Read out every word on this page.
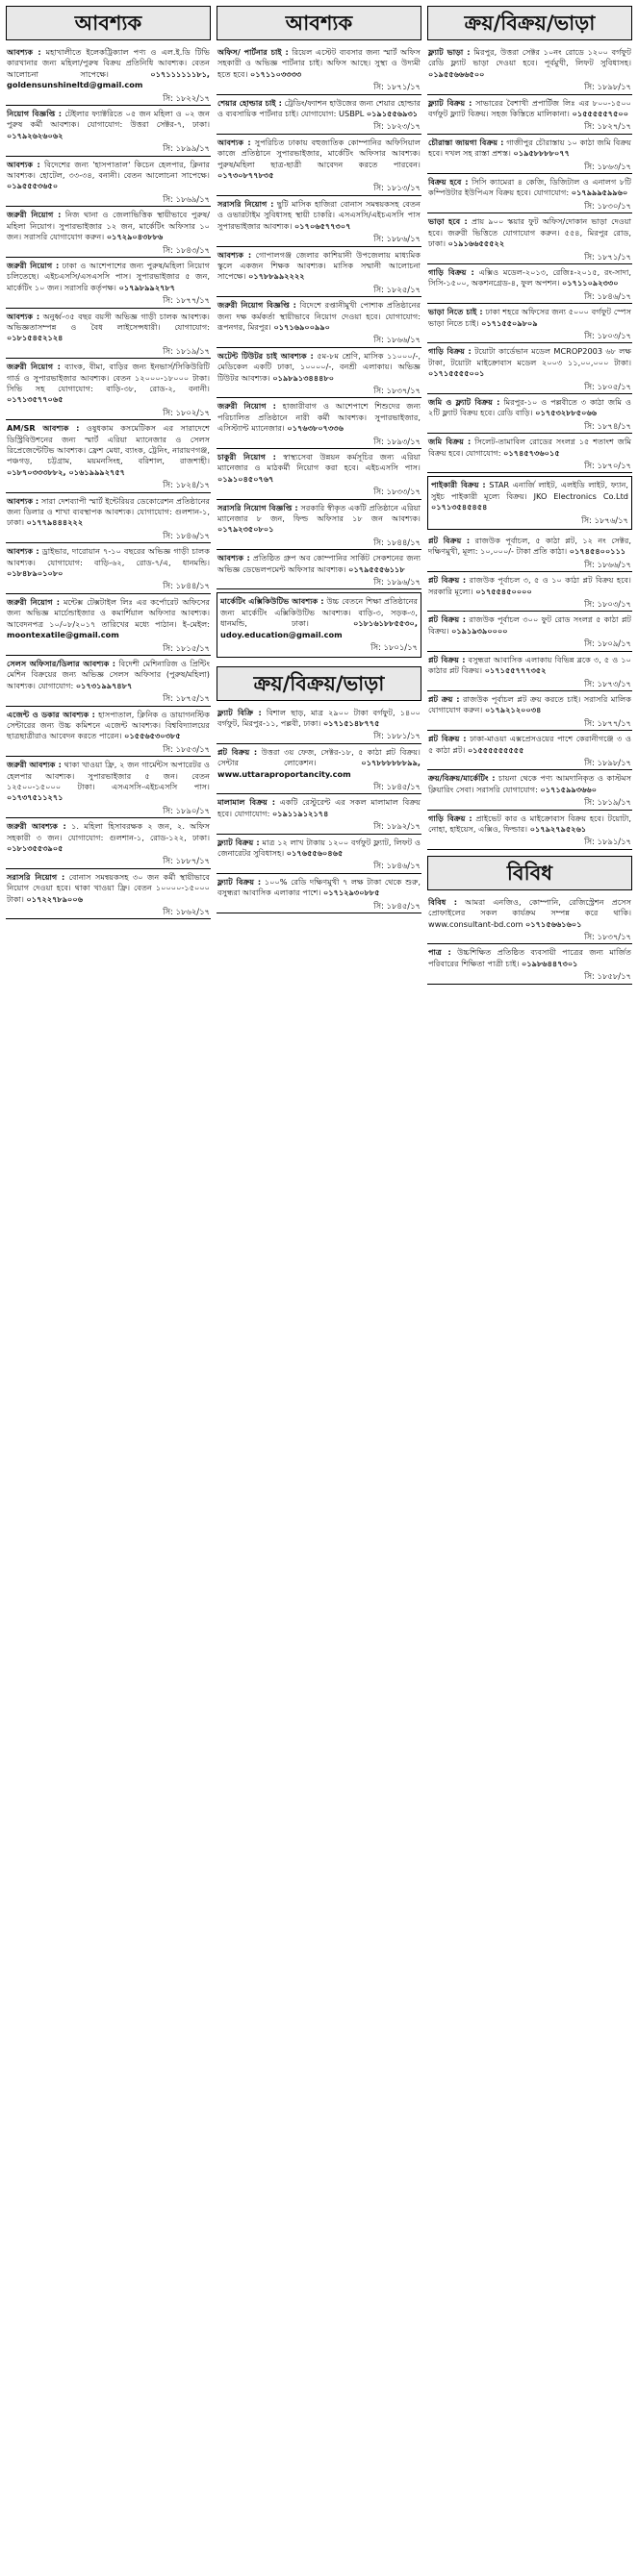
আবশ্যক
আবশ্যক : মহাখালীতে ইলেকট্রিক্যাল পণ্য ও এল.ই.ডি টিভি কারখানার জন্য মহিলা/পুরুষ বিক্রয় প্রতিনিধি আবশ্যক। বেতন আলোচনা সাপেক্ষে।	০১৭১১১১১১৮১, goldensunshineltd@gmail.com
সি: ১৮২২/১৭
নিয়োগ বিজ্ঞপ্তি : টেইলার ফ্যাক্টরিতে ০৫ জন মহিলা ও ০২ জন পুরুষ কর্মী আবশ্যক। যোগাযোগ: উত্তরা সেক্টর-৭, ঢাকা। ০১৭৯২৬২৬০৬২
সি: ১৮৯৯/১৭
আবশ্যক : বিদেশের জন্য 'হাসপাতাল' কিচেন হেলপার, ক্লিনার আবশ্যক। হোটেল, ৩৩-৩৪, বনানী। বেতন আলোচনা সাপেক্ষে। ০১৯৫৫৫৩৬৫০
সি: ১৮৬৯/১৭
জরুরী নিয়োগ : নিজ থানা ও জেলাভিত্তিক স্থায়ীভাবে পুরুষ/মহিলা নিয়োগ। সুপারভাইজার ১২ জন, মার্কেটিং অফিসার ১০ জন। সরাসরি যোগাযোগ করুন। ০১৭২৯০৪৩৮৮৬
সি: ১৮৪৩/১৭
জরুরী নিয়োগ : ঢাকা ও আশেপাশের জন্য পুরুষ/মহিলা নিয়োগ চলিতেছে। এইচএসসি/এসএসসি পাস। সুপারভাইজার ৫ জন, মার্কেটিং ১০ জন। সরাসরি কর্তৃপক্ষ। ০১৭৯৮৯৯২৭৮৭
সি: ১৮৭৭/১৭
আবশ্যক : অনুর্ধ্ব-৩৫ বছর বয়সী অভিজ্ঞ গাড়ী চালক আবশ্যক। অভিজ্ঞতাসম্পন্ন ও বৈধ লাইসেন্সধারী। যোগাযোগ: ০১৮১৫৪৫২১২৪
সি: ১৮১৯/১৭
জরুরী নিয়োগ : ব্যাংক, বীমা, বাড়ির জন্য ইনভার্স/সিকিউরিটি গার্ড ও সুপারভাইজার আবশ্যক। বেতন ১২০০০-১৮০০০ টাকা। সিভি সহ যোগাযোগ: বাড়ি-৩৮, রোড-২, বনানী। ০১৭১৩৫৭৭০৬৫
সি: ১৮০২/১৭
AM/SR আবশ্যক : ওষুধকাম কসমেটিকস এর সারাদেশে ডিস্ট্রিবিউশনের জন্য স্মার্ট এরিয়া ম্যানেজার ও সেলস রিপ্রেজেন্টেটিভ আবশ্যক। ফ্রেশ মেধা, ব্যাংক, ট্রেনিং, নারায়ণগঞ্জ, পঞ্চগড়, চট্টগ্রাম, ময়মনসিংহ, বরিশাল, রাজশাহী। ০১৮৭০৩৩৩৮৮২, ০১৬১৯৯৯২৭৫৭
সি: ১৮২৪/১৭
আবশ্যক : সারা দেশব্যাপী স্মার্ট ইন্টেরিয়র ডেকোরেশন প্রতিষ্ঠানের জন্য ডিলার ও শাখা ব্যবস্থাপক আবশ্যক। যোগাযোগ: গুলশান-১, ঢাকা। ০১৭৭৯৪৪৪২২২
সি: ১৮৪৬/১৭
আবশ্যক : ড্রাইভার, দারোয়ান ৭-১০ বছরের অভিজ্ঞ গাড়ী চালক আবশ্যক। যোগাযোগ: বাড়ি-৬২, রোড-৭/এ, ধানমন্ডি। ০১৮৪৮৯০১০৮০
সি: ১৮৪৪/১৭
জরুরী নিয়োগ : মন্টেক্স টেক্সটাইল লিঃ এর কর্পোরেট অফিসের জন্য অভিজ্ঞ মার্চেন্ডাইজার ও কমার্শিয়াল অফিসার আবশ্যক। আবেদনপত্র ১০/০৮/২০১৭ তারিখের মধ্যে পাঠান। ই-মেইল: moontexatile@gmail.com
সি: ১৮১৫/১৭
সেলস অফিসার/ডিলার আবশ্যক : বিদেশী মেশিনারিজ ও প্রিন্টিং মেশিন বিক্রয়ের জন্য অভিজ্ঞ সেলস অফিসার (পুরুষ/মহিলা) আবশ্যক। যোগাযোগ: ০১৭৩১৯৯৭৪৮৭
সি: ১৮৭৫/১৭
এজেন্ট ও ডকার আবশ্যক : হাসপাতাল, ক্লিনিক ও ডায়াগনস্টিক সেন্টারের জন্য উচ্চ কমিশনে এজেন্ট আবশ্যক। বিশ্ববিদ্যালয়ের ছাত্রছাত্রীরাও আবেদন করতে পারেন। ০১৫৫৬৫৩০৩৮৫
সি: ১৮৫৩/১৭
জরুরী আবশ্যক : থাকা খাওয়া ফ্রি, ২ জন গার্মেন্টস অপারেটর ও হেলপার আবশ্যক। সুপারভাইজার ৫ জন। বেতন ১২৫০০-১৫০০০ টাকা। এসএসসি-এইচএসসি পাস। ০১৭৩৭৫১১২৭১
সি: ১৮৯০/১৭
জরুরী আবশ্যক : ১. মহিলা হিসাবরক্ষক ২ জন, ২. অফিস সহকারী ৩ জন। যোগাযোগ: গুলশান-১, রোড-১২২, ঢাকা। ০১৮১৩৫৫৩৯০৫
সি: ১৮৮৭/১৭
সরাসরি নিয়োগ : বোনাস সমন্বয়কসহ ৩০ জন কর্মী স্থায়ীভাবে নিয়োগ দেওয়া হবে। থাকা খাওয়া ফ্রি। বেতন ১০০০০-১৫০০০ টাকা। ০১৭২২৭৮৯০০৬
সি: ১৮৬২/১৭
আবশ্যক
অফিস/ পার্টনার চাই : রিয়েল এস্টেট ব্যবসার জন্য স্মার্ট অফিস সহকারী ও অভিজ্ঞ পার্টনার চাই। অফিস আছে। সুস্থ্য ও উদ্যমী হতে হবে। ০১৭১১০৩৩৩৩
সি: ১৮৭১/১৭
শেয়ার হোল্ডার চাই : ট্রেডিং/ফ্যাশন হাউজের জন্য শেয়ার হোল্ডার ও ব্যবসায়িক পার্টনার চাই। যোগাযোগ: USBPL ০১৯১৫৫৬৯৩১
সি: ১৮২৩/১৭
আবশ্যক : সুপরিচিত ঢাকায় বহুজাতিক কোম্পানির অফিসিয়াল কাজে প্রতিষ্ঠানে সুপারভাইজার, মার্কেটিং অফিসার আবশ্যক। পুরুষ/মহিলা ছাত্র-ছাত্রী আবেদন করতে পারবেন। ০১৭৩০৮৭৭৮৩৫
সি: ১৮১৩/১৭
সরাসরি নিয়োগ : ছুটি মাসিক হাজিরা বোনাস সমন্বয়কসহ বেতন ও ওভারটাইম সুবিধাসহ স্থায়ী চাকরি। এসএসসি/এইচএসসি পাস সুপারভাইজার আবশ্যক। ০১৭০৬৫৭৭৩০৭
সি: ১৮৮৬/১৭
আবশ্যক : গোপালগঞ্জ জেলার কাশিয়ানী উপজেলায় মাধ্যমিক স্কুলে একজন শিক্ষক আবশ্যক। মাসিক সম্মানী আলোচনা সাপেক্ষে। ০১৭৮৮৯৯২২২২
সি: ১৮২৫/১৭
জরুরী নিয়োগ বিজ্ঞপ্তি : বিদেশে রপ্তানীমুখী পোশাক প্রতিষ্ঠানের জন্য দক্ষ কর্মকর্তা স্থায়ীভাবে নিয়োগ দেওয়া হবে। যোগাযোগ: রূপনগর, মিরপুর। ০১৭১৬৯০০৯৯০
সি: ১৮৬৬/১৭
অটেন্ট টিউটর চাই আবশ্যক : ৫ম-৮ম শ্রেণি, মাসিক ১১০০০/-, মেডিকেল একটি ঢাকা, ১০০০০/-, বনশ্রী এলাকায়। অভিজ্ঞ টিউটর আবশ্যক। ০১৯৮৯১৩৪৪৪৮০
সি: ১৮৩৭/১৭
জরুরী নিয়োগ : হাজারীবাগ ও আশেপাশে শিশুদের জন্য পরিচালিত প্রতিষ্ঠানে নারী কর্মী আবশ্যক। সুপারভাইজার, এসিস্ট্যান্ট ম্যানেজার। ০১৭৬৩৮০৭৩৩৬
সি: ১৮৯৩/১৭
চাকুরী নিয়োগ : স্বাস্থ্যসেবা উন্নয়ন কর্মসূচির জন্য এরিয়া ম্যানেজার ও মাঠকর্মী নিয়োগ করা হবে। এইচএসসি পাস। ০১৯১০৪৫০৭৬৭
সি: ১৮৩৩/১৭
সরাসরি নিয়োগ বিজ্ঞপ্তি : সরকারি স্বীকৃত একটি প্রতিষ্ঠানে এরিয়া ম্যানেজার ৮ জন, ফিল্ড অফিসার ১৮ জন আবশ্যক। ০১৭৯২৩৫০৮০১
সি: ১৮৪৪/১৭
আবশ্যক : প্রতিষ্ঠিত গ্রুপ অব কোম্পানির সার্কিট সেকশনের জন্য অভিজ্ঞ ডেভেলপমেন্ট অফিসার আবশ্যক। ০১৭৯৫৫৫৬১১৮
সি: ১৮৯৬/১৭
মার্কেটিং এক্সিকিউটিভ আবশ্যক : উচ্চ বেতনে শিক্ষা প্রতিষ্ঠানের জন্য মার্কেটিং এক্সিকিউটিভ আবশ্যক। বাড়ি-৩, সড়ক-৩, ধানমন্ডি, ঢাকা।	০১৮১৬১৮৮৫৫৩০, udoy.education@gmail.com
সি: ১৮০১/১৭
ক্রয়/বিক্রয়/ভাড়া
ফ্ল্যাট বিক্রি : বিশাল ছাড়, মাত্র ২৯০০ টাকা বর্গফুট, ১৪০০ বর্গফুট, মিরপুর-১১, পল্লবী, ঢাকা। ০১৭১৫১৪৮৭৭৫
সি: ১৮৮১/১৭
প্লট বিক্রয় : উত্তরা ৩য় ফেজ, সেক্টর-১৮, ৫ কাঠা প্লট বিক্রয়। সেন্টার লোকেশন।	০১৭৮৮৮৮৮৮৯৯, www.uttaraproportancity.com
সি: ১৮৪৫/১৭
মালামাল বিক্রয় : একটি রেস্টুরেন্ট এর সকল মালামাল বিক্রয় হবে। যোগাযোগ: ০১৯১১৯১২১৭৪
সি: ১৮৯২/১৭
ফ্ল্যাট বিক্রয় : মাত্র ১২ লাখ টাকায় ১২০০ বর্গফুট ফ্ল্যাট, লিফট ও জেনারেটর সুবিধাসহ। ০১৭৬৫৫৬০৪৬৫
সি: ১৮৪৬/১৭
ফ্ল্যাট বিক্রয় : ১০০% রেডি দক্ষিণমুখী ৭ লক্ষ টাকা থেকে শুরু, বসুন্ধরা আবাসিক এলাকার পাশে। ০১৭১২৯৩০৮৮৫
সি: ১৮৪৫/১৭
ক্রয়/বিক্রয়/ভাড়া
ফ্ল্যাট ভাড়া : মিরপুর, উত্তরা সেক্টর ১০নং রোডে ১২০০ বর্গফুট রেডি ফ্ল্যাট ভাড়া দেওয়া হবে। পূর্বমুখী, লিফট সুবিধাসহ। ০১৯৫৫৬৬৬৫০০
সি: ১৮৯৮/১৭
ফ্ল্যাট বিক্রয় : সাভারের বৈশাখী প্রপার্টিজ লিঃ এর ৮০০-১৫০০ বর্গফুট ফ্ল্যাট বিক্রয়। সহজ কিস্তিতে মালিকানা। ০১৫৫৫৫৫৭৫০০
সি: ১৮২৭/১৭
চৌরাস্তা জায়গা বিক্রয় : গাজীপুর চৌরাস্তায় ১০ কাঠা জমি বিক্রয় হবে। দখল সহ রাস্তা প্রশস্ত। ০১৯৫৮৮৮৮০৭৭
সি: ১৮৬৩/১৭
বিক্রয় হবে : সিসি ক্যামেরা ৪ কেজি, ডিজিটাল ও এনালগ ৮টি কম্পিউটার ইউপিএস বিক্রয় হবে। যোগাযোগ: ০১৭৯৯৯৫৯৯৬০
সি: ১৮৩০/১৭
ভাড়া হবে : প্রায় ৯০০ স্কয়ার ফুট অফিস/দোকান ভাড়া দেওয়া হবে। জরুরী ভিত্তিতে যোগাযোগ করুন। ৫৫৪, মিরপুর রোড, ঢাকা। ০১৯১৬৬৫৫৫২২
সি: ১৮৭১/১৭
গাড়ি বিক্রয় : এক্সিও মডেল-২০১৩, রেজিঃ-২০১৫, রং-সাদা, সিসি-১৫০০, অকশনগ্রেড-৪, ফুল অপশন। ০১৭১১০৯২৩৩০
সি: ১৮৪৬/১৭
ভাড়া নিতে চাই : ঢাকা শহরে অফিসের জন্য ৫০০০ বর্গফুট স্পেস ভাড়া নিতে চাই। ০১৭১৫৫০৯৮০৯
সি: ১৮০৩/১৭
গাড়ি বিক্রয় : টয়োটা কার্ডেভান মডেল MCROP2003 ৬৮ লক্ষ টাকা, টয়োটা মাইক্রোবাস মডেল ২০০৩ ১১,০০,০০০ টাকা। ০১৭১৫৫৫৫০০১
সি: ১৮০৫/১৭
জমি ও ফ্ল্যাট বিক্রয় : মিরপুর-১০ ও পল্লবীতে ৩ কাঠা জমি ও ২টি ফ্ল্যাট বিক্রয় হবে। রেডি বাড়ি। ০১৭৫৩২৮৮৫০৬৬
সি: ১৮৭৪/১৭
জমি বিক্রয় : সিলেট-তামাবিল রোডের সংলগ্ন ১৫ শতাংশ জমি বিক্রয় হবে। যোগাযোগ: ০১৭৪৫৭৩৬০১৫
সি: ১৮৭০/১৭
পাইকারী বিক্রয় : STAR এনার্জি লাইট, এলইডি লাইট, ফ্যান, সুইচ পাইকারী মূল্যে বিক্রয়। JKO Electronics Co.Ltd ০১৭১৩৫৪৫৪৫৪
সি: ১৮৭৬/১৭
প্লট বিক্রয় : রাজউক পূর্বাচল, ৫ কাঠা প্লট, ১২ নং সেক্টর, দক্ষিণমুখী, মূল্য: ১০,০০০/- টাকা প্রতি কাঠা। ০১৭৪৫৪০০১১১
সি: ১৮৬৬/১৭
প্লট বিক্রয় : রাজউক পূর্বাচল ৩, ৫ ও ১০ কাঠা প্লট বিক্রয় হবে। সরকারি মূল্যে। ০১৭৫৫৪৫০০০০
সি: ১৮০৩/১৭
প্লট বিক্রয় : রাজউক পূর্বাচল ৩০০ ফুট রোড সংলগ্ন ৫ কাঠা প্লট বিক্রয়। ০১৯১৯৩৯০০০০
সি: ১৮০৯/১৭
প্লট বিক্রয় : বসুন্ধরা আবাসিক এলাকায় বিভিন্ন ব্লকে ৩, ৫ ও ১০ কাঠার প্লট বিক্রয়। ০১৭১৫৫৭৭৭৩৫২
সি: ১৮৭৩/১৭
প্লট ক্রয় : রাজউক পূর্বাচল প্লট ক্রয় করতে চাই। সরাসরি মালিক যোগাযোগ করুন। ০১৭৯২১২০০৩৪
সি: ১৮৭৭/১৭
প্লট বিক্রয় : ঢাকা-মাওয়া এক্সপ্রেসওয়ের পাশে কেরানীগঞ্জে ৩ ও ৫ কাঠা প্লট। ০১৫৫৫৫৫৫৫৫৫
সি: ১৮৯৮/১৭
ক্রয়/বিক্রয়/মার্কেটিং : চায়না থেকে পণ্য আমদানিকৃত ও কাস্টমস ক্লিয়ারিং সেবা। সরাসরি যোগাযোগ: ০১৭১৫৯৯৩৬৬০
সি: ১৮১৯/১৭
গাড়ি বিক্রয় : প্রাইভেট কার ও মাইক্রোবাস বিক্রয় হবে। টয়োটা, নোহা, হাইয়েস, এক্সিও, ফিল্ডার। ০১৭৯২৭৯৫২৬১
সি: ১৮৯১/১৭
বিবিধ
বিবিধ : আমরা এনজিও, কোম্পানি, রেজিস্ট্রেশন প্রসেস প্রোফাইলের সকল কার্যক্রম সম্পন্ন করে থাকি। www.consultant-bd.com ০১৭১৫৬৬১৬০১
সি: ১৮৩৭/১৭
পাত্র : উচ্চশিক্ষিত প্রতিষ্ঠিত ব্যবসায়ী পাত্রের জন্য মার্জিত পরিবারের শিক্ষিতা পাত্রী চাই। ০১৯৮৬৪৪৭৩০১
সি: ১৮৫৮/১৭
